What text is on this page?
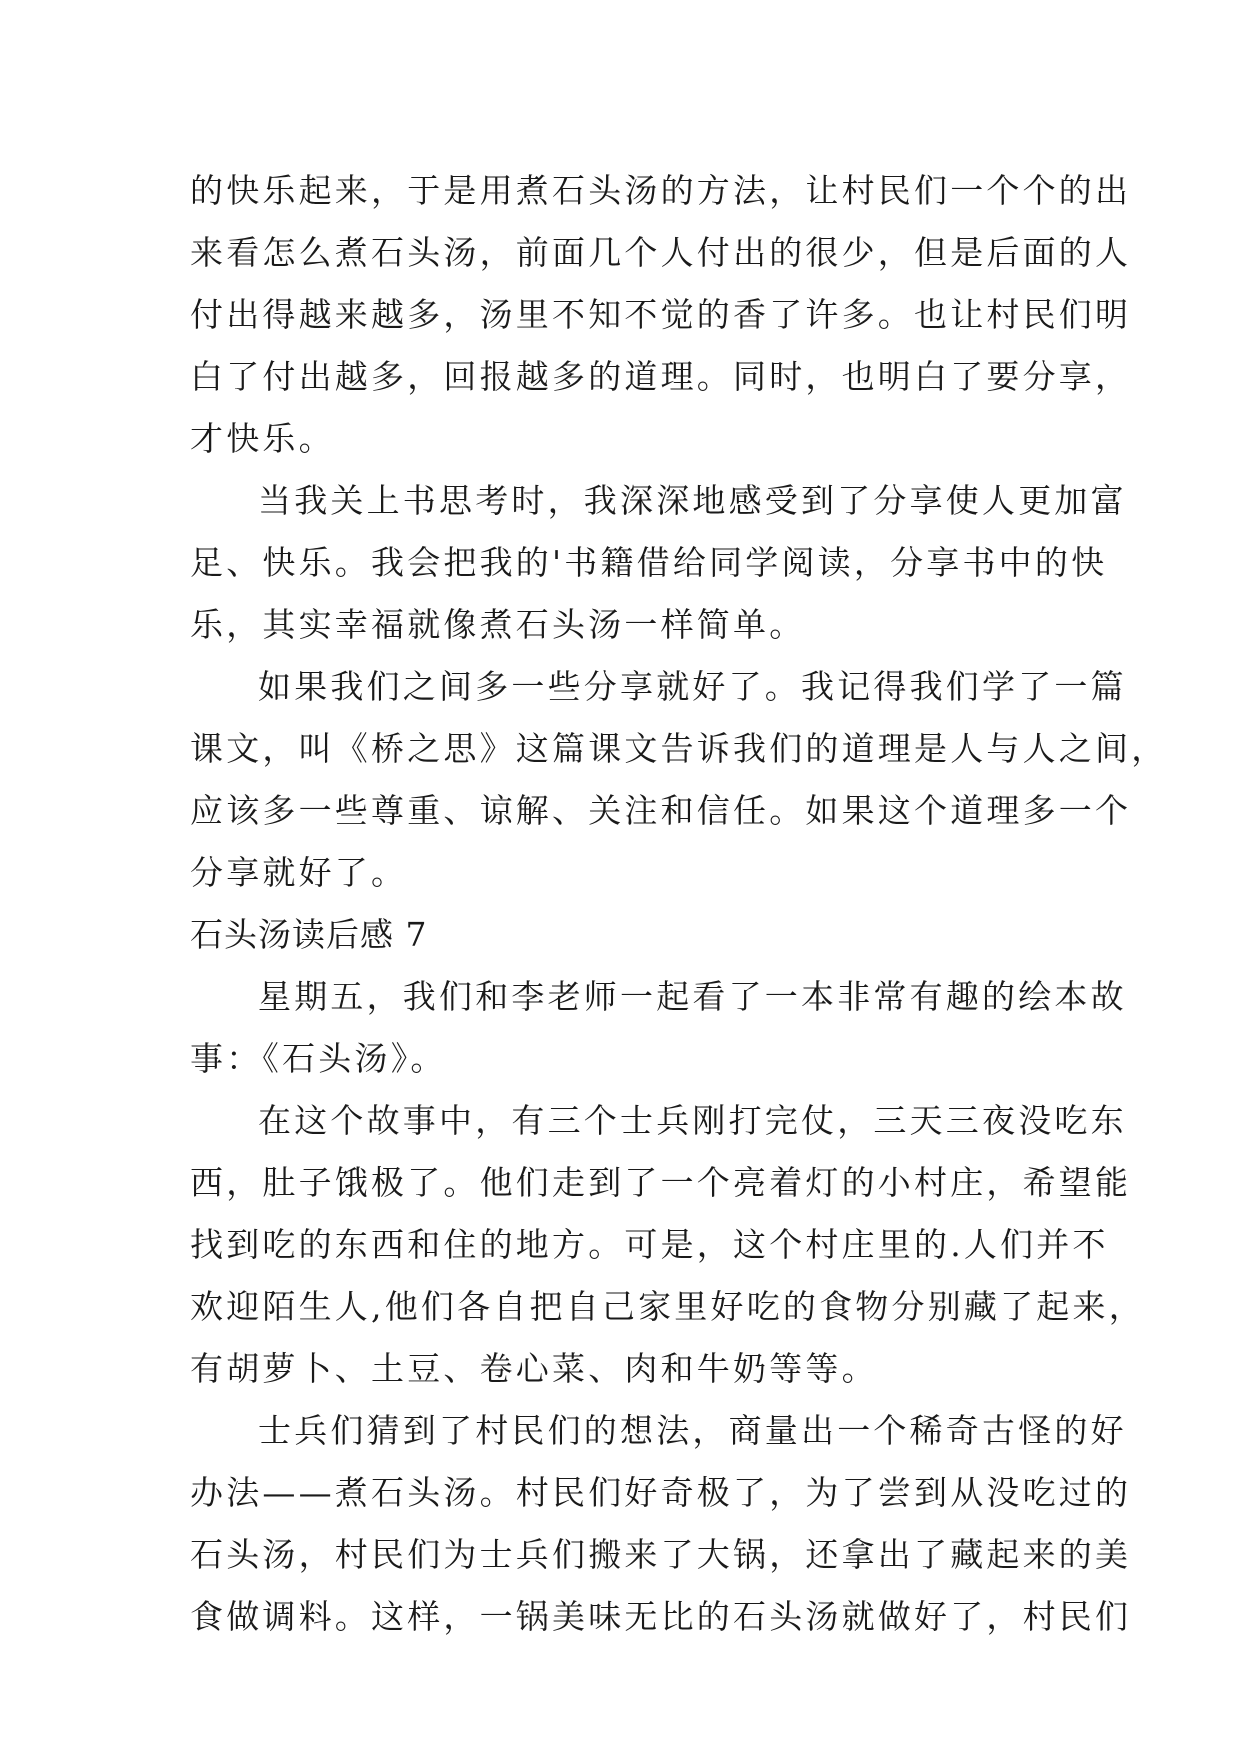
的快乐起来，于是用煮石头汤的方法，让村民们一个个的出
来看怎么煮石头汤，前面几个人付出的很少，但是后面的人
付出得越来越多，汤里不知不觉的香了许多。也让村民们明
白了付出越多，回报越多的道理。同时，也明白了要分享，
才快乐。
当我关上书思考时，我深深地感受到了分享使人更加富
足、快乐。我会把我的'书籍借给同学阅读，分享书中的快
乐，其实幸福就像煮石头汤一样简单。
如果我们之间多一些分享就好了。我记得我们学了一篇
课文，叫《桥之思》这篇课文告诉我们的道理是人与人之间，
应该多一些尊重、谅解、关注和信任。如果这个道理多一个
分享就好了。
石头汤读后感 7
星期五，我们和李老师一起看了一本非常有趣的绘本故
事：《石头汤》。
在这个故事中，有三个士兵刚打完仗，三天三夜没吃东
西，肚子饿极了。他们走到了一个亮着灯的小村庄，希望能
找到吃的东西和住的地方。可是，这个村庄里的.人们并不
欢迎陌生人,他们各自把自己家里好吃的食物分别藏了起来，
有胡萝卜、土豆、卷心菜、肉和牛奶等等。
士兵们猜到了村民们的想法，商量出一个稀奇古怪的好
办法——煮石头汤。村民们好奇极了，为了尝到从没吃过的
石头汤，村民们为士兵们搬来了大锅，还拿出了藏起来的美
食做调料。这样，一锅美味无比的石头汤就做好了，村民们
